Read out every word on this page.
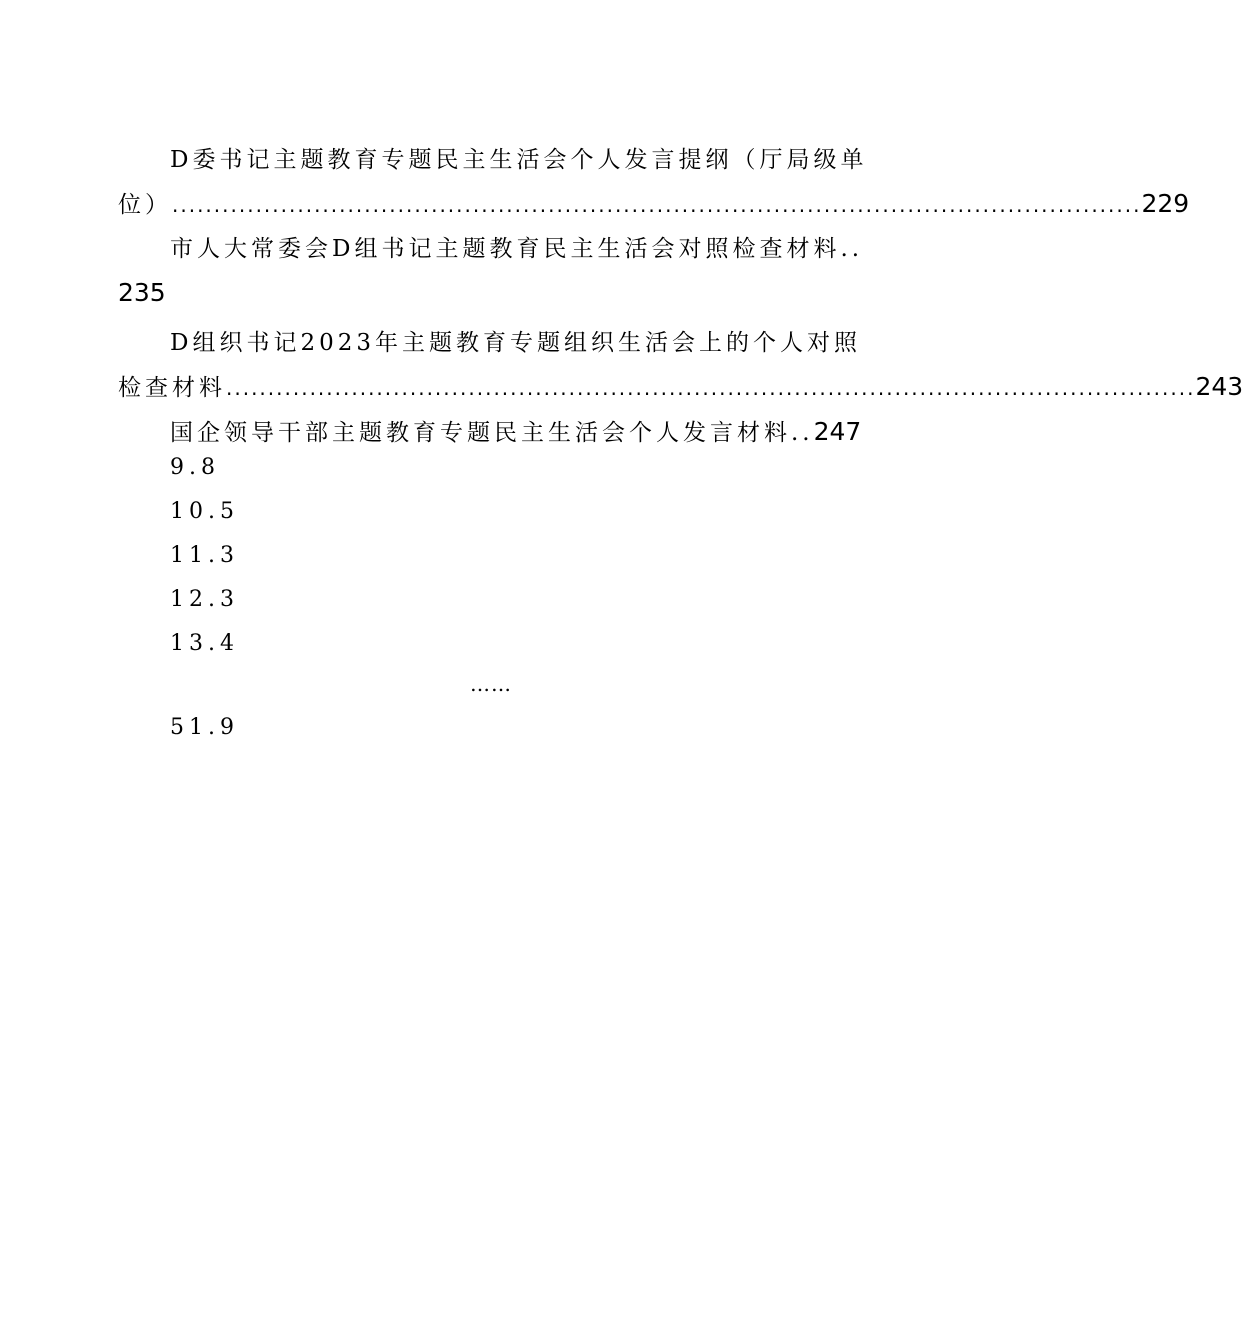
D委书记主题教育专题民主生活会个人发言提纲（厅局级单
位） .................................................................................................................... 229
市人大常委会D组书记主题教育民主生活会对照检查材料..
235
D组织书记2023年主题教育专题组织生活会上的个人对照
检查材料 .................................................................................................................... 243
国企领导干部主题教育专题民主生活会个人发言材料.. 247
9.8
10.5
11.3
12.3
13.4
……
51.9
